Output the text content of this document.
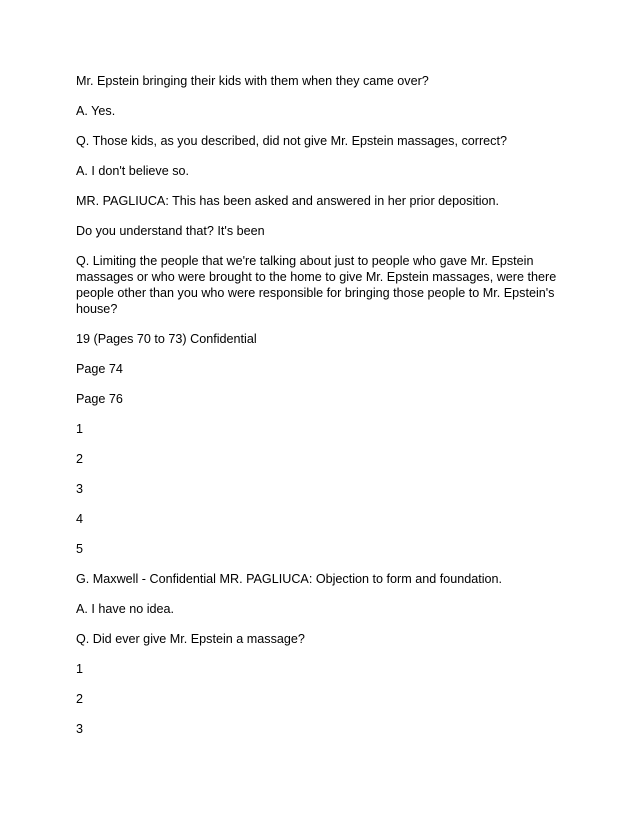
Mr. Epstein bringing their kids with them when they came over?

A. Yes.

Q. Those kids, as you described, did not give Mr. Epstein massages, correct?

A. I don't believe so.

MR. PAGLIUCA: This has been asked and answered in her prior deposition.

Do you understand that? It's been

Q. Limiting the people that we're talking about just to people who gave Mr. Epstein massages or who were brought to the home to give Mr. Epstein massages, were there people other than you who were responsible for bringing those people to Mr. Epstein's house?

19 (Pages 70 to 73) Confidential

Page 74

Page 76

1

2

3

4

5

G. Maxwell - Confidential MR. PAGLIUCA: Objection to form and foundation.

A. I have no idea.

Q. Did ever give Mr. Epstein a massage?

1

2

3
